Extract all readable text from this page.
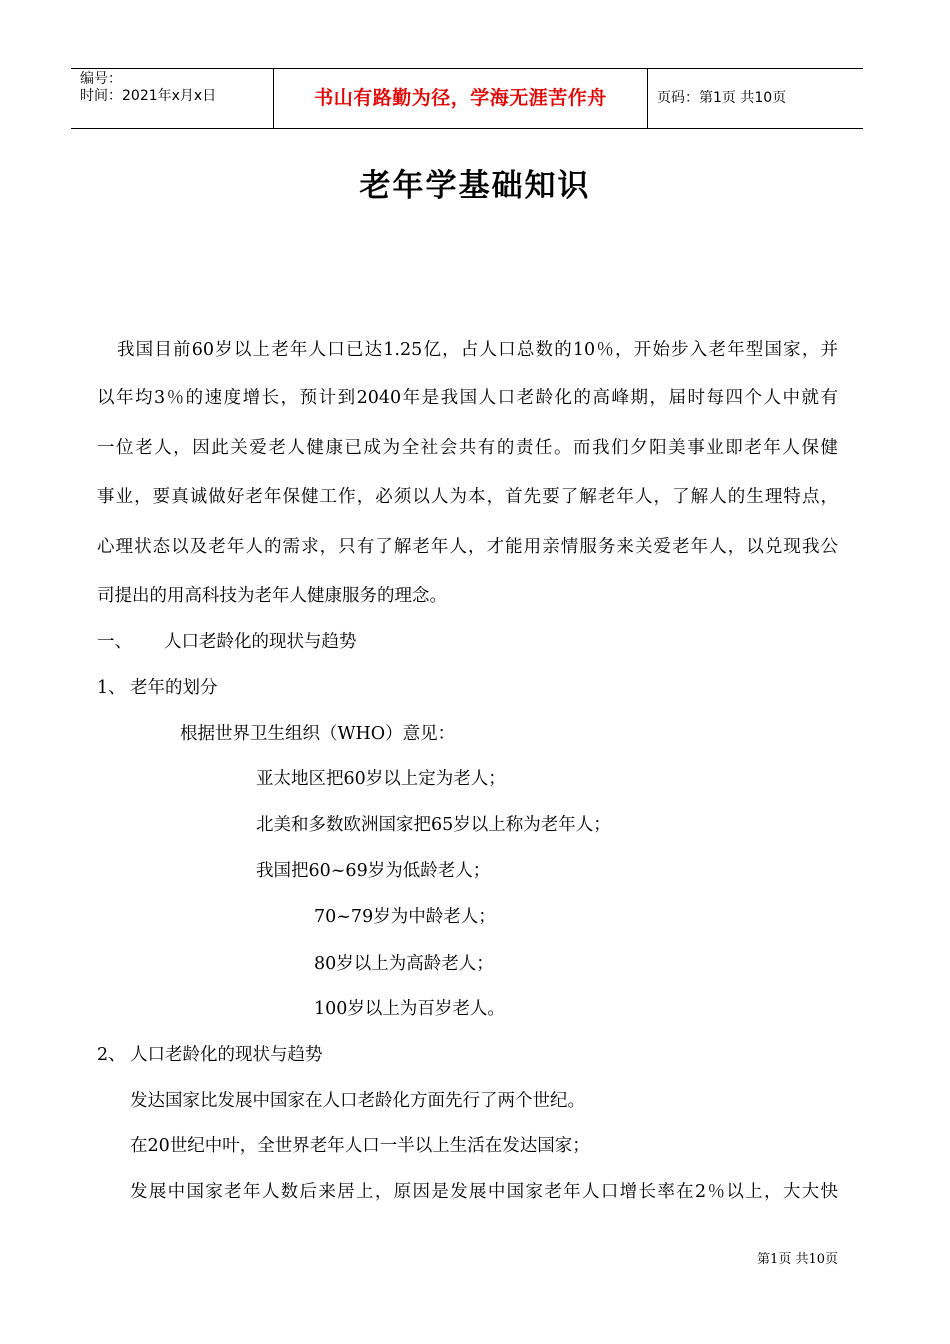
编号：
时间：2021年x月x日	书山有路勤为径，学海无涯苦作舟	页码：第1页 共10页
老年学基础知识
我国目前60岁以上老年人口已达1.25亿，占人口总数的10％，开始步入老年型国家，并
以年均3％的速度增长，预计到2040年是我国人口老龄化的高峰期，届时每四个人中就有
一位老人，因此关爱老人健康已成为全社会共有的责任。而我们夕阳美事业即老年人保健
事业，要真诚做好老年保健工作，必须以人为本，首先要了解老年人，了解人的生理特点，
心理状态以及老年人的需求，只有了解老年人，才能用亲情服务来关爱老年人，以兑现我公
司提出的用高科技为老年人健康服务的理念。
一、 人口老龄化的现状与趋势
1、 老年的划分
根据世界卫生组织（WHO）意见：
亚太地区把60岁以上定为老人；
北美和多数欧洲国家把65岁以上称为老年人；
我国把60~69岁为低龄老人；
70~79岁为中龄老人；
80岁以上为高龄老人；
100岁以上为百岁老人。
2、 人口老龄化的现状与趋势
发达国家比发展中国家在人口老龄化方面先行了两个世纪。
在20世纪中叶，全世界老年人口一半以上生活在发达国家；
发展中国家老年人数后来居上，原因是发展中国家老年人口增长率在2％以上，大大快
第1页 共10页
